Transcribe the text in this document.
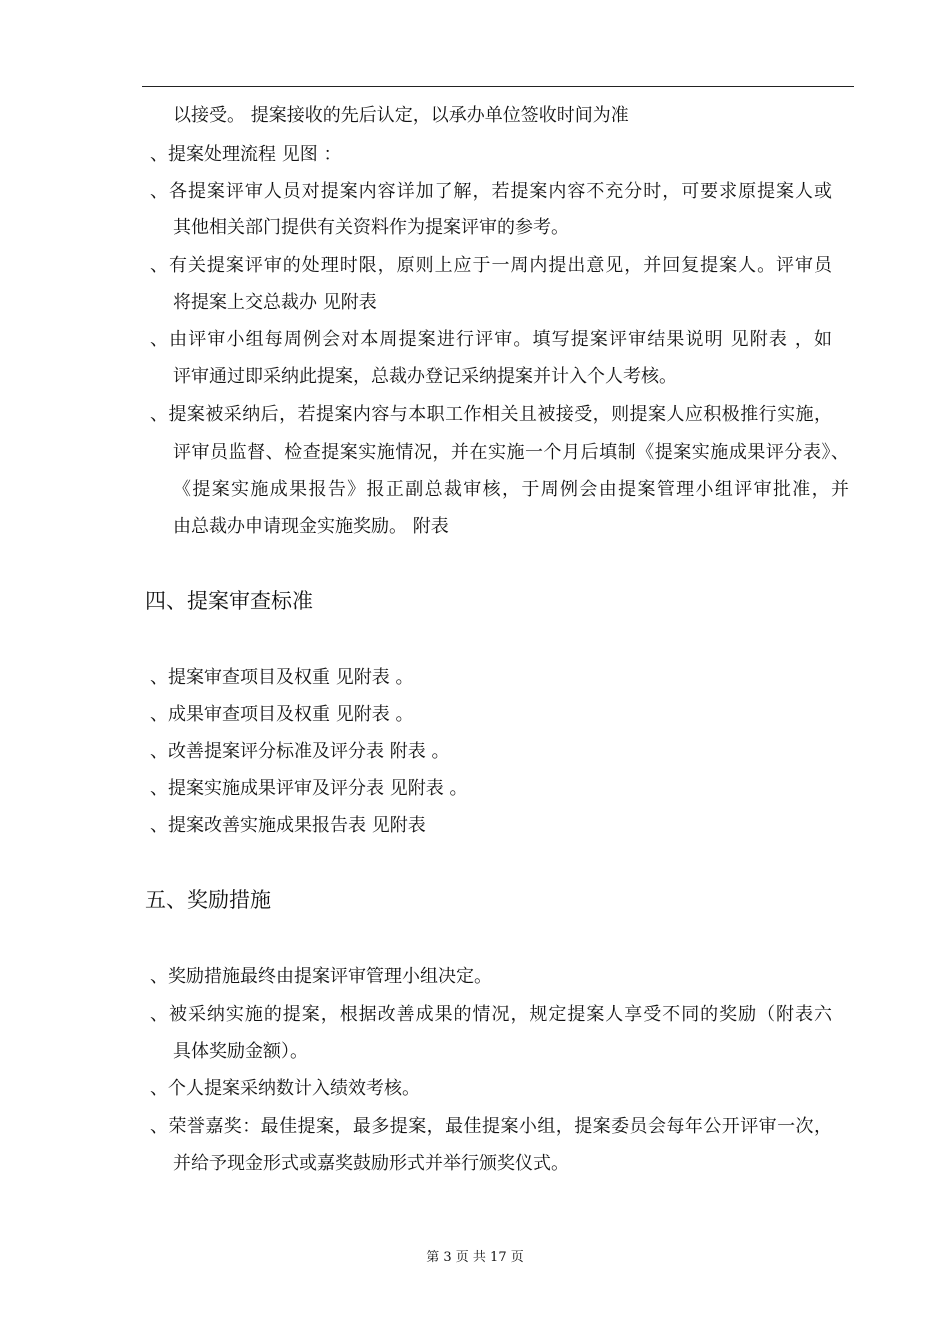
以接受。 提案接收的先后认定，以承办单位签收时间为准
、提案处理流程 见图 ：
、各提案评审人员对提案内容详加了解，若提案内容不充分时，可要求原提案人或
其他相关部门提供有关资料作为提案评审的参考。
、有关提案评审的处理时限，原则上应于一周内提出意见，并回复提案人。评审员
将提案上交总裁办 见附表
、由评审小组每周例会对本周提案进行评审。填写提案评审结果说明 见附表 ，如
评审通过即采纳此提案，总裁办登记采纳提案并计入个人考核。
、提案被采纳后，若提案内容与本职工作相关且被接受，则提案人应积极推行实施，
评审员监督、检查提案实施情况，并在实施一个月后填制《提案实施成果评分表》、
《提案实施成果报告》报正副总裁审核，于周例会由提案管理小组评审批准，并
由总裁办申请现金实施奖励。 附表
四、提案审查标准
、提案审查项目及权重 见附表 。
、成果审查项目及权重 见附表 。
、改善提案评分标准及评分表 附表 。
、提案实施成果评审及评分表 见附表 。
、提案改善实施成果报告表 见附表
五、奖励措施
、奖励措施最终由提案评审管理小组决定。
、被采纳实施的提案，根据改善成果的情况，规定提案人享受不同的奖励（附表六
具体奖励金额）。
、个人提案采纳数计入绩效考核。
、荣誉嘉奖：最佳提案，最多提案，最佳提案小组，提案委员会每年公开评审一次，
并给予现金形式或嘉奖鼓励形式并举行颁奖仪式。
第 3 页 共 17 页
